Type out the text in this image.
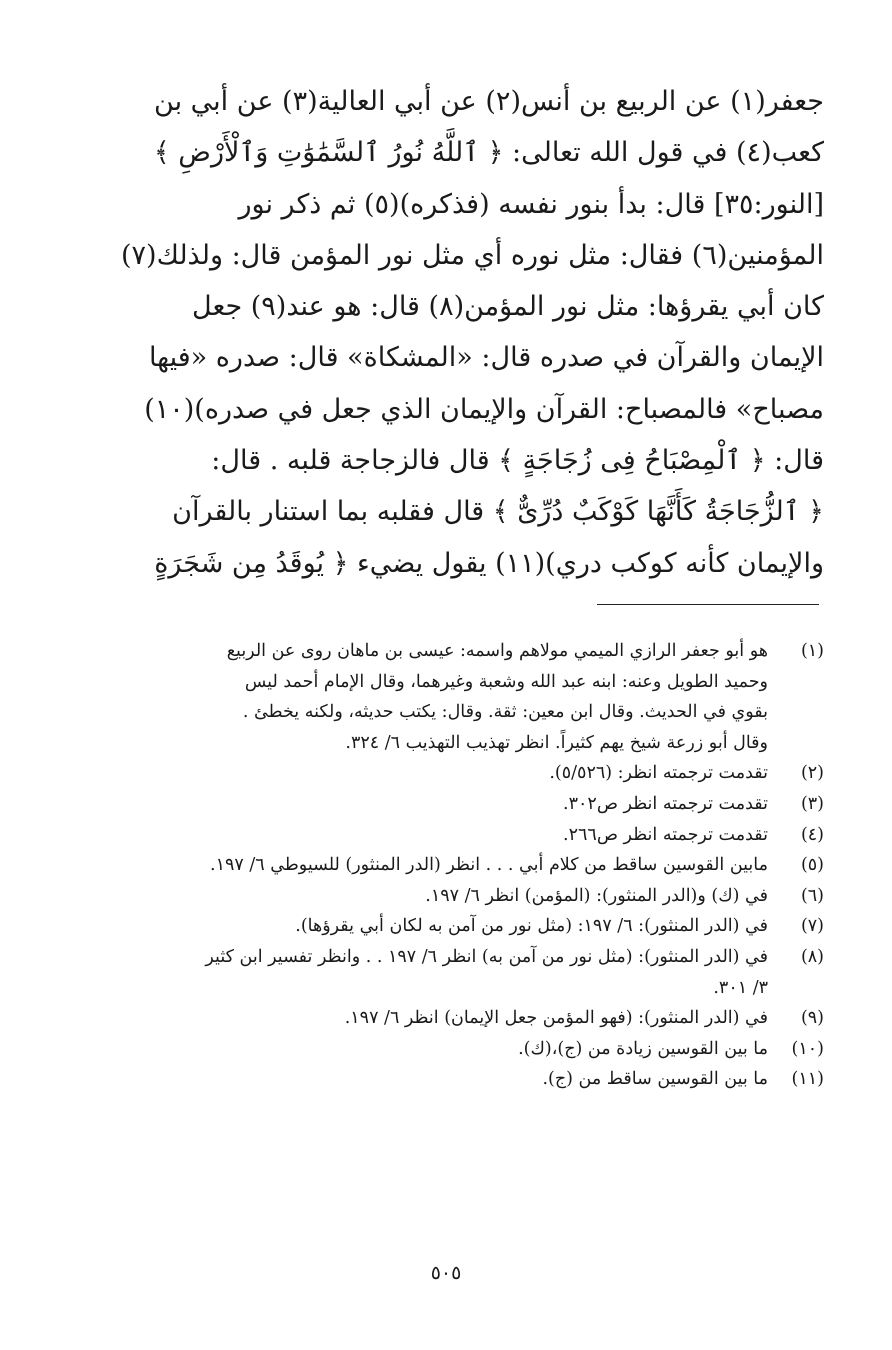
جعفر(١) عن الربيع بن أنس(٢) عن أبي العالية(٣) عن أبي بن
كعب(٤) في قول الله تعالى: ﴿ ٱللَّهُ نُورُ ٱلسَّمَٰوَٰتِ وَٱلْأَرْضِ ﴾
[النور:٣٥] قال: بدأ بنور نفسه (فذكره)(٥) ثم ذكر نور
المؤمنين(٦) فقال: مثل نوره أي مثل نور المؤمن قال: ولذلك(٧)
كان أبي يقرؤها: مثل نور المؤمن(٨) قال: هو عند(٩) جعل
الإيمان والقرآن في صدره قال: «المشكاة» قال: صدره «فيها
مصباح» فالمصباح: القرآن والإيمان الذي جعل في صدره)(١٠)
قال: ﴿ ٱلْمِصْبَاحُ فِى زُجَاجَةٍ ﴾ قال فالزجاجة قلبه . قال:
﴿ ٱلزُّجَاجَةُ كَأَنَّهَا كَوْكَبٌ دُرِّىٌّ ﴾ قال فقلبه بما استنار بالقرآن
والإيمان كأنه كوكب دري)(١١) يقول يضيء ﴿ يُوقَدُ مِن شَجَرَةٍ
(١)
هو أبو جعفر الرازي الميمي مولاهم واسمه: عيسى بن ماهان روى عن الربيع
وحميد الطويل وعنه: ابنه عبد الله وشعبة وغيرهما، وقال الإمام أحمد ليس
بقوي في الحديث. وقال ابن معين: ثقة. وقال: يكتب حديثه، ولكنه يخطئ .
وقال أبو زرعة شيخ يهم كثيراً. انظر تهذيب التهذيب ٦/ ٣٢٤.
(٢)
تقدمت ترجمته انظر: (٥/٥٢٦).
(٣)
تقدمت ترجمته انظر ص٣٠٢.
(٤)
تقدمت ترجمته انظر ص٢٦٦.
(٥)
مابين القوسين ساقط من كلام أبي . . . انظر (الدر المنثور) للسيوطي ٦/ ١٩٧.
(٦)
في (ك) و(الدر المنثور): (المؤمن) انظر ٦/ ١٩٧.
(٧)
في (الدر المنثور): ٦/ ١٩٧: (مثل نور من آمن به لكان أبي يقرؤها).
(٨)
في (الدر المنثور): (مثل نور من آمن به) انظر ٦/ ١٩٧ . . وانظر تفسير ابن كثير
٣/ ٣٠١.
(٩)
في (الدر المنثور): (فهو المؤمن جعل الإيمان) انظر ٦/ ١٩٧.
(١٠)
ما بين القوسين زيادة من (ج)،(ك).
(١١)
ما بين القوسين ساقط من (ج).
٥٠٥
